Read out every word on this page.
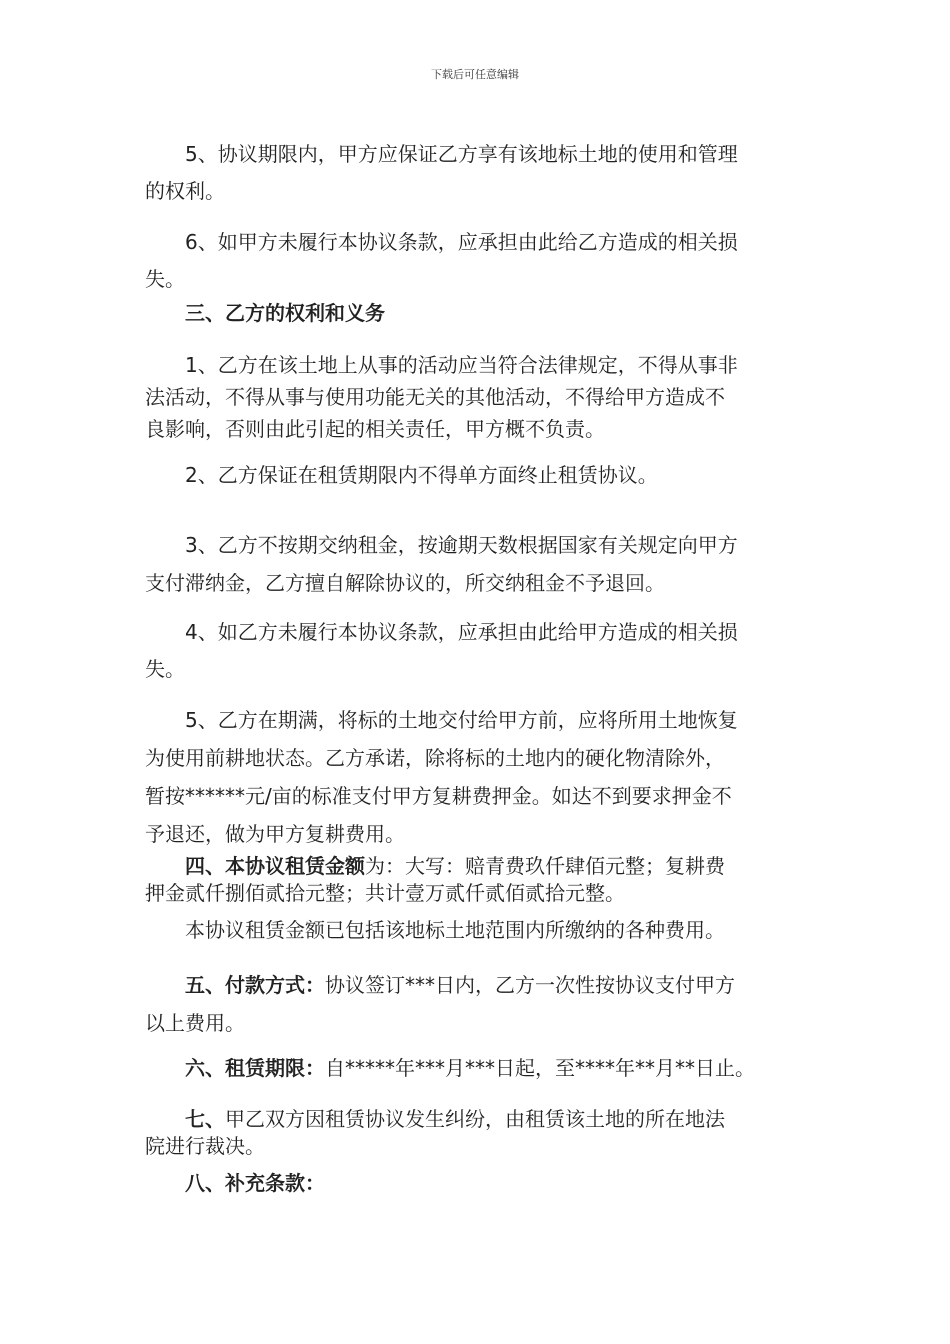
下载后可任意编辑
　　5、协议期限内，甲方应保证乙方享有该地标土地的使用和管理
的权利。
　　6、如甲方未履行本协议条款，应承担由此给乙方造成的相关损
失。
　　三、乙方的权利和义务
　　1、乙方在该土地上从事的活动应当符合法律规定，不得从事非
法活动，不得从事与使用功能无关的其他活动，不得给甲方造成不
良影响，否则由此引起的相关责任，甲方概不负责。
　　2、乙方保证在租赁期限内不得单方面终止租赁协议。
　　3、乙方不按期交纳租金，按逾期天数根据国家有关规定向甲方
支付滞纳金，乙方擅自解除协议的，所交纳租金不予退回。
　　4、如乙方未履行本协议条款，应承担由此给甲方造成的相关损
失。
　　5、乙方在期满，将标的土地交付给甲方前，应将所用土地恢复
为使用前耕地状态。乙方承诺，除将标的土地内的硬化物清除外，
暂按******元/亩的标准支付甲方复耕费押金。如达不到要求押金不
予退还，做为甲方复耕费用。
　　四、本协议租赁金额为：大写：赔青费玖仟肆佰元整；复耕费
押金贰仟捌佰贰拾元整；共计壹万贰仟贰佰贰拾元整。
　　本协议租赁金额已包括该地标土地范围内所缴纳的各种费用。
　　五、付款方式：协议签订***日内，乙方一次性按协议支付甲方
以上费用。
　　六、租赁期限：自*****年***月***日起，至****年**月**日止。
　　七、甲乙双方因租赁协议发生纠纷，由租赁该土地的所在地法
院进行裁决。
　　八、补充条款：
